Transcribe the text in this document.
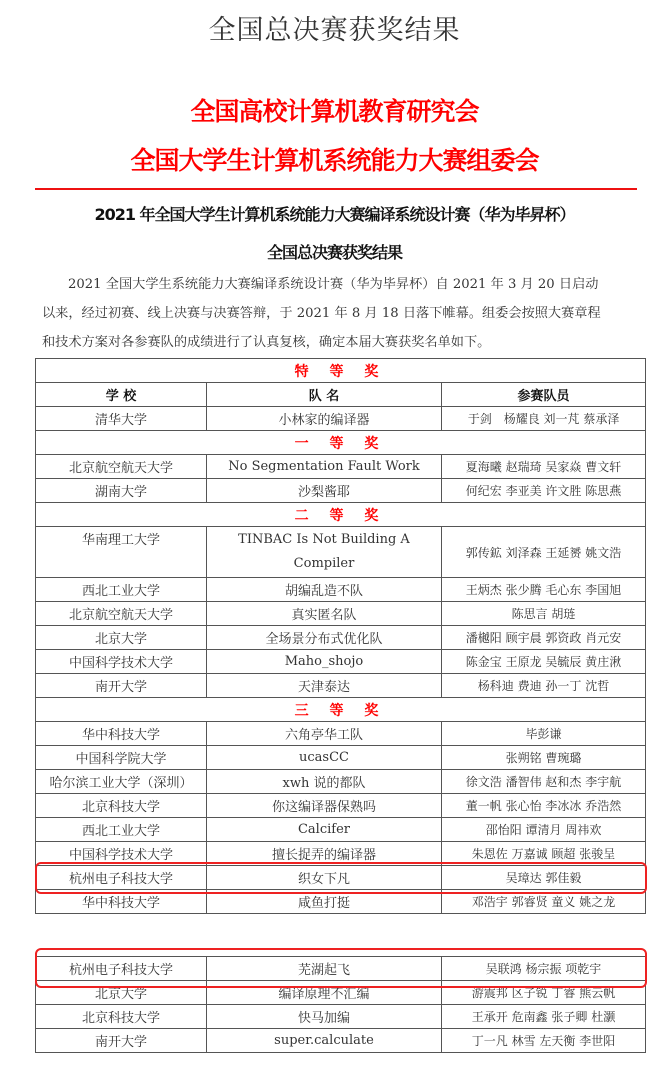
全国总决赛获奖结果
全国高校计算机教育研究会
全国大学生计算机系统能力大赛组委会
2021 年全国大学生计算机系统能力大赛编译系统设计赛（华为毕昇杯）
全国总决赛获奖结果

2021 全国大学生系统能力大赛编译系统设计赛（华为毕昇杯）自 2021 年 3 月 20 日启动

以来，经过初赛、线上决赛与决赛答辩，于 2021 年 8 月 18 日落下帷幕。组委会按照大赛章程

和技术方案对各参赛队的成绩进行了认真复核，确定本届大赛获奖名单如下。

特 等 奖		
学 校	队 名	参赛队员
清华大学	小林家的编译器	于剑　杨耀良 刘一芃 蔡承泽
一 等 奖		
北京航空航天大学	No Segmentation Fault Work	夏海曦 赵瑞琦 吴家焱 曹文轩
湖南大学	沙梨酱耶	何纪宏 李亚美 许文胜 陈思燕
二 等 奖		
华南理工大学	TINBAC Is Not Building A Compiler	郭传鉱 刘泽森 王延赟 姚文浩
西北工业大学	胡编乱造不队	王炳杰 张少腾 毛心东 李国旭
北京航空航天大学	真实匿名队	陈思言 胡琏
北京大学	全场景分布式优化队	潘樾阳 顾宇晨 郭资政 肖元安
中国科学技术大学	Maho_shojo	陈金宝 王原龙 吴毓辰 黄庄湫
南开大学	天津泰达	杨科迪 费迪 孙一丁 沈哲
三 等 奖		
华中科技大学	六角亭华工队	毕彭谦
中国科学院大学	ucasCC	张朔铭 曹琬璐
哈尔滨工业大学（深圳）	xwh 说的都队	徐文浩 潘智伟 赵和杰 李宇航
北京科技大学	你这编译器保熟吗	董一帆 张心怡 李冰冰 乔浩然
西北工业大学	Calcifer	邵怡阳 谭清月 周祎欢
中国科学技术大学	擅长捉弄的编译器	朱恩佐 万嘉诚 顾超 张骏呈
杭州电子科技大学	织女下凡	吴璋达 郭佳毅
华中科技大学	咸鱼打挺	邓浩宇 郭睿贤 童义 姚之龙
杭州电子科技大学	芜湖起飞	吴联鸿 杨宗振 项乾宇
北京大学	编译原理不汇编	游震邦 区子锐 丁睿 熊云帆
北京科技大学	快马加编	王承开 危南鑫 张子卿 杜灏
南开大学	super.calculate	丁一凡 林雪 左天衡 李世阳
